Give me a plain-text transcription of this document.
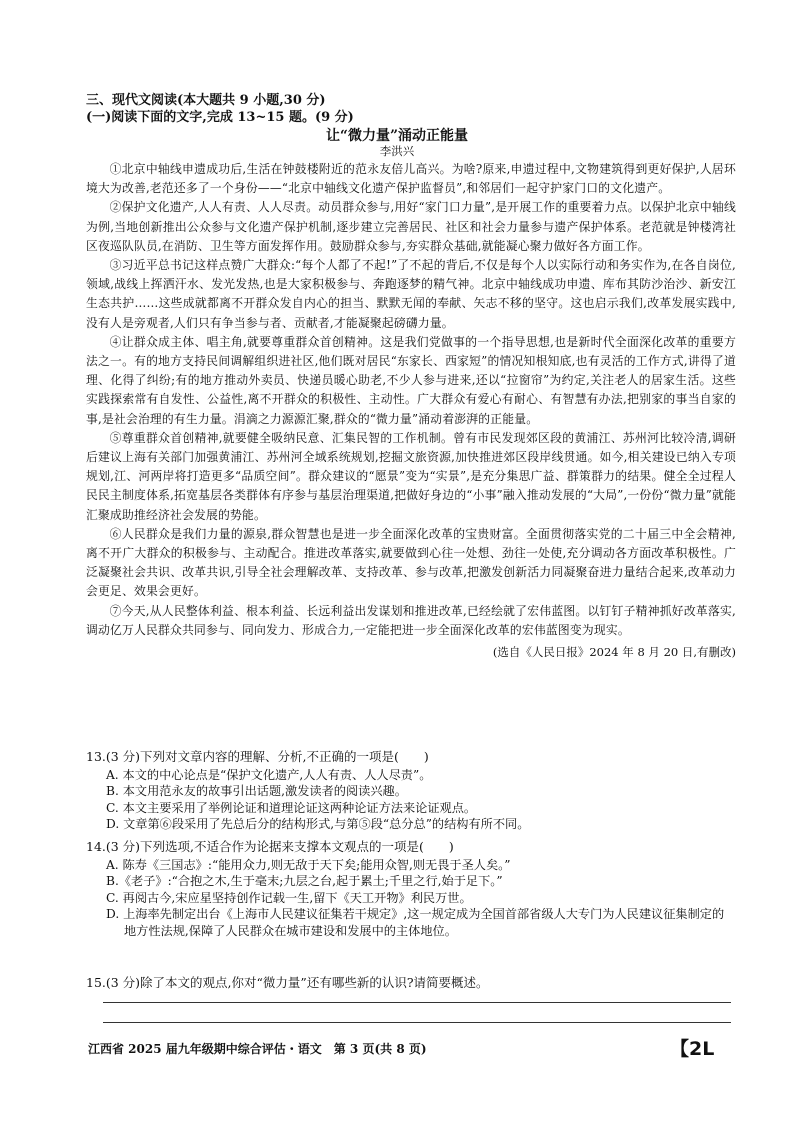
三、现代文阅读(本大题共 9 小题,30 分)

(一)阅读下面的文字,完成 13~15 题。(9 分)

让“微力量”涌动正能量
李洪兴

①北京中轴线申遗成功后,生活在钟鼓楼附近的范永友倍儿高兴。为啥?原来,申遗过程中,文物建筑得到更好保护,人居环境大为改善,老范还多了一个身份——“北京中轴线文化遗产保护监督员”,和邻居们一起守护家门口的文化遗产。

②保护文化遗产,人人有责、人人尽责。动员群众参与,用好“家门口力量”,是开展工作的重要着力点。以保护北京中轴线为例,当地创新推出公众参与文化遗产保护机制,逐步建立完善居民、社区和社会力量参与遗产保护体系。老范就是钟楼湾社区夜巡队队员,在消防、卫生等方面发挥作用。鼓励群众参与,夯实群众基础,就能凝心聚力做好各方面工作。

③习近平总书记这样点赞广大群众:“每个人都了不起!”了不起的背后,不仅是每个人以实际行动和务实作为,在各自岗位,领域,战线上挥洒汗水、发光发热,也是大家积极参与、奔跑逐梦的精气神。北京中轴线成功申遗、库布其防沙治沙、新安江生态共护……这些成就都离不开群众发自内心的担当、默默无闻的奉献、矢志不移的坚守。这也启示我们,改革发展实践中,没有人是旁观者,人们只有争当参与者、贡献者,才能凝聚起磅礴力量。

④让群众成主体、唱主角,就要尊重群众首创精神。这是我们党做事的一个指导思想,也是新时代全面深化改革的重要方法之一。有的地方支持民间调解组织进社区,他们既对居民“东家长、西家短”的情况知根知底,也有灵活的工作方式,讲得了道理、化得了纠纷;有的地方推动外卖员、快递员暖心助老,不少人参与进来,还以“拉窗帘”为约定,关注老人的居家生活。这些实践探索常有自发性、公益性,离不开群众的积极性、主动性。广大群众有爱心有耐心、有智慧有办法,把别家的事当自家的事,是社会治理的有生力量。涓滴之力源源汇聚,群众的“微力量”涌动着澎湃的正能量。

⑤尊重群众首创精神,就要健全吸纳民意、汇集民智的工作机制。曾有市民发现郊区段的黄浦江、苏州河比较冷清,调研后建议上海有关部门加强黄浦江、苏州河全域系统规划,挖掘文旅资源,加快推进郊区段岸线贯通。如今,相关建设已纳入专项规划,江、河两岸将打造更多“品质空间”。群众建议的“愿景”变为“实景”,是充分集思广益、群策群力的结果。健全全过程人民民主制度体系,拓宽基层各类群体有序参与基层治理渠道,把做好身边的“小事”融入推动发展的“大局”,一份份“微力量”就能汇聚成助推经济社会发展的势能。

⑥人民群众是我们力量的源泉,群众智慧也是进一步全面深化改革的宝贵财富。全面贯彻落实党的二十届三中全会精神,离不开广大群众的积极参与、主动配合。推进改革落实,就要做到心往一处想、劲往一处使,充分调动各方面改革积极性。广泛凝聚社会共识、改革共识,引导全社会理解改革、支持改革、参与改革,把激发创新活力同凝聚奋进力量结合起来,改革动力会更足、效果会更好。

⑦今天,从人民整体利益、根本利益、长远利益出发谋划和推进改革,已经绘就了宏伟蓝图。以钉钉子精神抓好改革落实,调动亿万人民群众共同参与、同向发力、形成合力,一定能把进一步全面深化改革的宏伟蓝图变为现实。

(选自《人民日报》2024 年 8 月 20 日,有删改)

13.(3 分)下列对文章内容的理解、分析,不正确的一项是(　　)

A. 本文的中心论点是“保护文化遗产,人人有责、人人尽责”。

B. 本文用范永友的故事引出话题,激发读者的阅读兴趣。

C. 本文主要采用了举例论证和道理论证这两种论证方法来论证观点。

D. 文章第⑥段采用了先总后分的结构形式,与第⑤段“总分总”的结构有所不同。

14.(3 分)下列选项,不适合作为论据来支撑本文观点的一项是(　　)

A. 陈寿《三国志》:“能用众力,则无敌于天下矣;能用众智,则无畏于圣人矣。”

B.《老子》:“合抱之木,生于毫末;九层之台,起于累土;千里之行,始于足下。”

C. 再阅古今,宋应星坚持创作记载一生,留下《天工开物》利民万世。

D. 上海率先制定出台《上海市人民建议征集若干规定》,这一规定成为全国首部省级人大专门为人民建议征集制定的地方性法规,保障了人民群众在城市建设和发展中的主体地位。

15.(3 分)除了本文的观点,你对“微力量”还有哪些新的认识?请简要概述。

江西省 2025 届九年级期中综合评估・语文　第 3 页(共 8 页)	【2L
